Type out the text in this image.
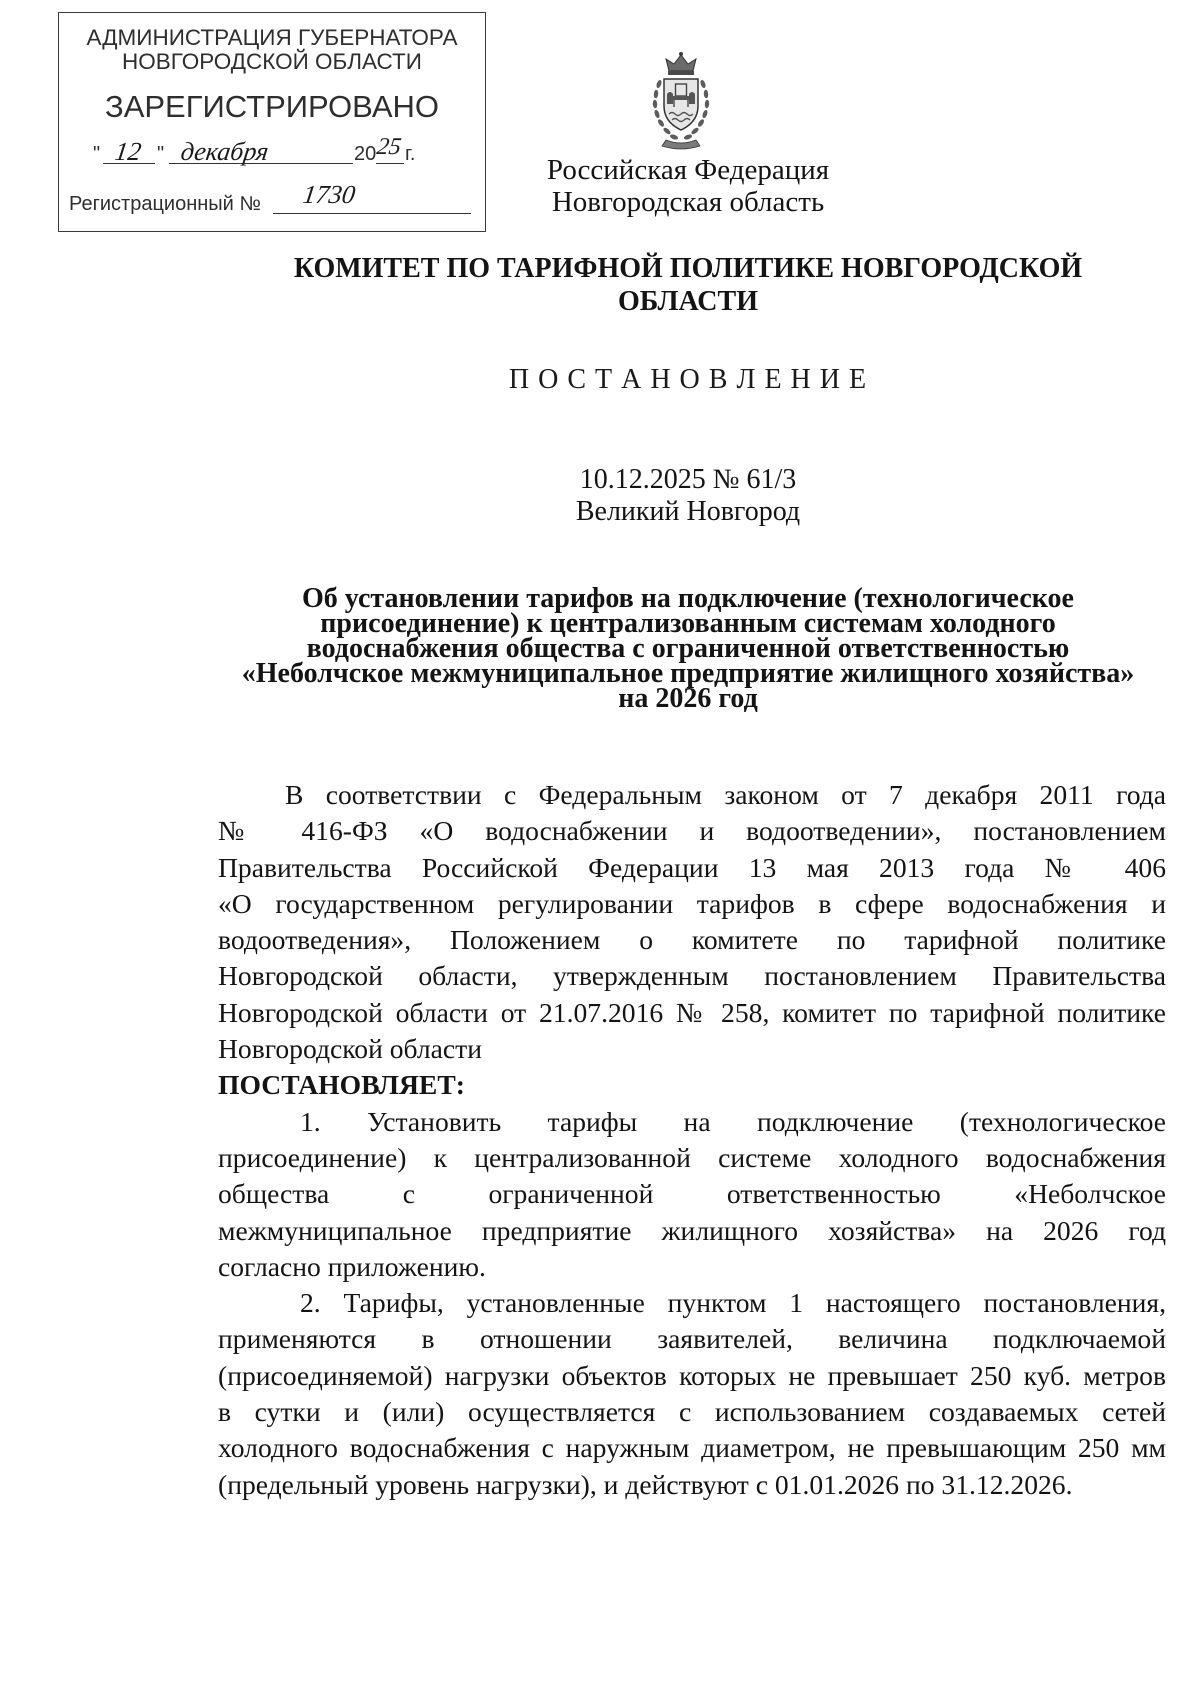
АДМИНИСТРАЦИЯ ГУБЕРНАТОРА
НОВГОРОДСКОЙ ОБЛАСТИ
ЗАРЕГИСТРИРОВАНО
" 12 " декабря	20
25 г.
Регистрационный № 1730
Российская Федерация
Новгородская область
КОМИТЕТ ПО ТАРИФНОЙ ПОЛИТИКЕ НОВГОРОДСКОЙ
ОБЛАСТИ
П О С Т А Н О В Л Е Н И Е
10.12.2025 № 61/3
Великий Новгород
Об установлении тарифов на подключение (технологическое
присоединение) к централизованным системам холодного
водоснабжения общества с ограниченной ответственностью
«Неболчское межмуниципальное предприятие жилищного хозяйства»
на 2026 год
В соответствии с Федеральным законом от 7 декабря 2011 года
№ 416-ФЗ «О водоснабжении и водоотведении», постановлением
Правительства Российской Федерации 13 мая 2013 года № 406
«О государственном регулировании тарифов в сфере водоснабжения и
водоотведения», Положением о комитете по тарифной политике
Новгородской области, утвержденным постановлением Правительства
Новгородской области от 21.07.2016 № 258, комитет по тарифной политике
Новгородской области
ПОСТАНОВЛЯЕТ:
1. Установить тарифы на подключение (технологическое
присоединение) к централизованной системе холодного водоснабжения
общества с ограниченной ответственностью «Неболчское
межмуниципальное предприятие жилищного хозяйства» на 2026 год
согласно приложению.
2. Тарифы, установленные пунктом 1 настоящего постановления,
применяются в отношении заявителей, величина подключаемой
(присоединяемой) нагрузки объектов которых не превышает 250 куб. метров
в сутки и (или) осуществляется с использованием создаваемых сетей
холодного водоснабжения с наружным диаметром, не превышающим 250 мм
(предельный уровень нагрузки), и действуют с 01.01.2026 по 31.12.2026.
